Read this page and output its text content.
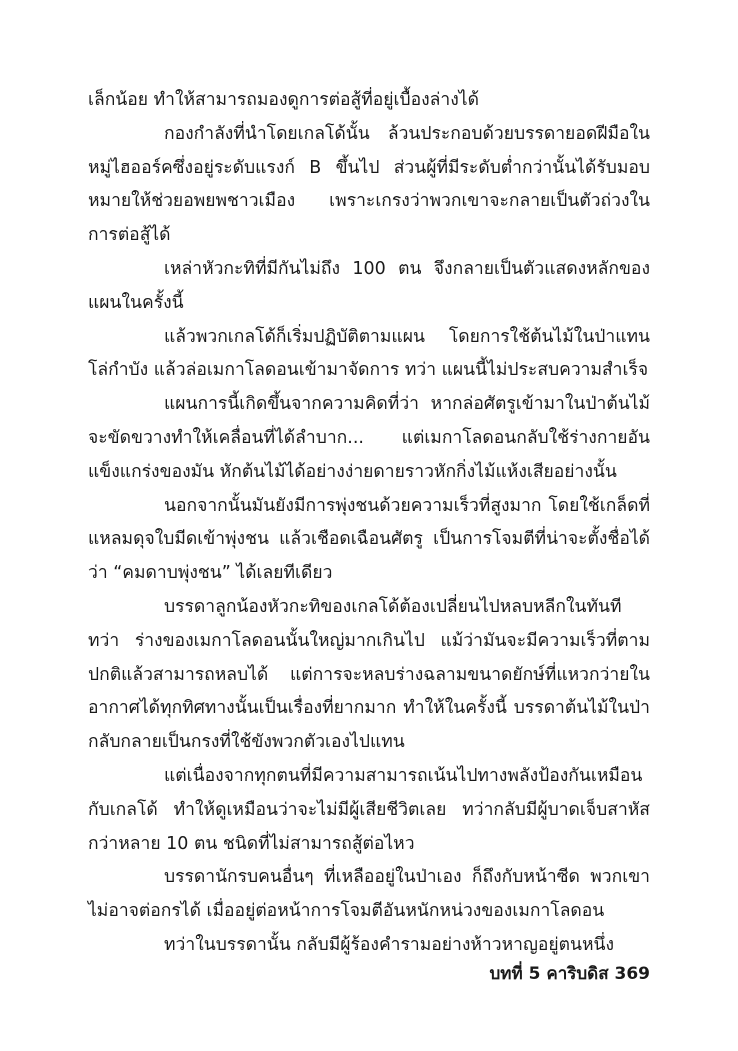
เล็กน้อย ทำให้สามารถมองดูการต่อสู้ที่อยู่เบื้องล่างได้

กองกำลังที่นำโดยเกลโด้นั้น ล้วนประกอบด้วยบรรดายอดฝีมือในหมู่ไฮออร์คซึ่งอยู่ระดับแรงก์ B ขึ้นไป ส่วนผู้ที่มีระดับต่ำกว่านั้นได้รับมอบหมายให้ช่วยอพยพชาวเมือง เพราะเกรงว่าพวกเขาจะกลายเป็นตัวถ่วงในการต่อสู้ได้

เหล่าหัวกะทิที่มีกันไม่ถึง 100 ตน จึงกลายเป็นตัวแสดงหลักของแผนในครั้งนี้

แล้วพวกเกลโด้ก็เริ่มปฏิบัติตามแผน โดยการใช้ต้นไม้ในป่าแทนโล่กำบัง แล้วล่อเมกาโลดอนเข้ามาจัดการ ทว่า แผนนี้ไม่ประสบความสำเร็จ

แผนการนี้เกิดขึ้นจากความคิดที่ว่า หากล่อศัตรูเข้ามาในป่าต้นไม้จะขัดขวางทำให้เคลื่อนที่ได้ลำบาก... แต่เมกาโลดอนกลับใช้ร่างกายอันแข็งแกร่งของมัน หักต้นไม้ได้อย่างง่ายดายราวหักกิ่งไม้แห้งเสียอย่างนั้น

นอกจากนั้นมันยังมีการพุ่งชนด้วยความเร็วที่สูงมาก โดยใช้เกล็ดที่แหลมดุจใบมีดเข้าพุ่งชน แล้วเชือดเฉือนศัตรู เป็นการโจมตีที่น่าจะตั้งชื่อได้ว่า “คมดาบพุ่งชน” ได้เลยทีเดียว

บรรดาลูกน้องหัวกะทิของเกลโด้ต้องเปลี่ยนไปหลบหลีกในทันทีทว่า ร่างของเมกาโลดอนนั้นใหญ่มากเกินไป แม้ว่ามันจะมีความเร็วที่ตามปกติแล้วสามารถหลบได้ แต่การจะหลบร่างฉลามขนาดยักษ์ที่แหวกว่ายในอากาศได้ทุกทิศทางนั้นเป็นเรื่องที่ยากมาก ทำให้ในครั้งนี้ บรรดาต้นไม้ในป่ากลับกลายเป็นกรงที่ใช้ขังพวกตัวเองไปแทน

แต่เนื่องจากทุกตนที่มีความสามารถเน้นไปทางพลังป้องกันเหมือนกับเกลโด้ ทำให้ดูเหมือนว่าจะไม่มีผู้เสียชีวิตเลย ทว่ากลับมีผู้บาดเจ็บสาหัสกว่าหลาย 10 ตน ชนิดที่ไม่สามารถสู้ต่อไหว

บรรดานักรบคนอื่นๆ ที่เหลืออยู่ในป่าเอง ก็ถึงกับหน้าซีด พวกเขาไม่อาจต่อกรได้ เมื่ออยู่ต่อหน้าการโจมตีอันหนักหน่วงของเมกาโลดอน

ทว่าในบรรดานั้น กลับมีผู้ร้องคำรามอย่างห้าวหาญอยู่ตนหนึ่ง

บทที่ 5 คาริบดิส 369
